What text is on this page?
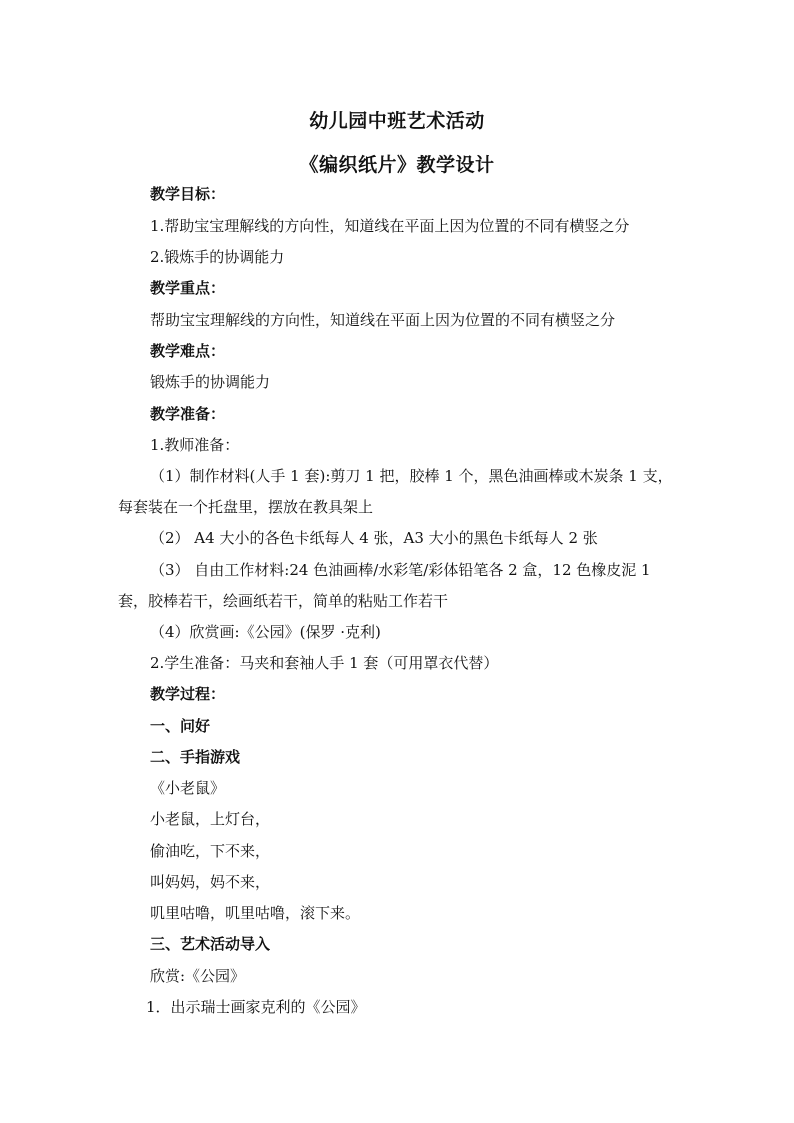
幼儿园中班艺术活动
《编织纸片》教学设计
教学目标：
1.帮助宝宝理解线的方向性，知道线在平面上因为位置的不同有横竖之分
2.锻炼手的协调能力
教学重点：
帮助宝宝理解线的方向性，知道线在平面上因为位置的不同有横竖之分
教学难点：
锻炼手的协调能力
教学准备：
1.教师准备：
（1）制作材料(人手 1 套):剪刀 1 把，胶棒 1 个，黑色油画棒或木炭条 1 支，
每套装在一个托盘里，摆放在教具架上
（2） A4 大小的各色卡纸每人 4 张，A3 大小的黑色卡纸每人 2 张
（3） 自由工作材料:24 色油画棒/水彩笔/彩体铅笔各 2 盒，12 色橡皮泥 1
套，胶棒若干，绘画纸若干，简单的粘贴工作若干
（4）欣赏画:《公园》(保罗 ·克利)
2.学生准备：马夹和套袖人手 1 套（可用罩衣代替）
教学过程：
一、问好
二、手指游戏
《小老鼠》
小老鼠，上灯台，
偷油吃，下不来，
叫妈妈，妈不来，
叽里咕噜，叽里咕噜，滚下来。
三、艺术活动导入
欣赏:《公园》
1．出示瑞士画家克利的《公园》
